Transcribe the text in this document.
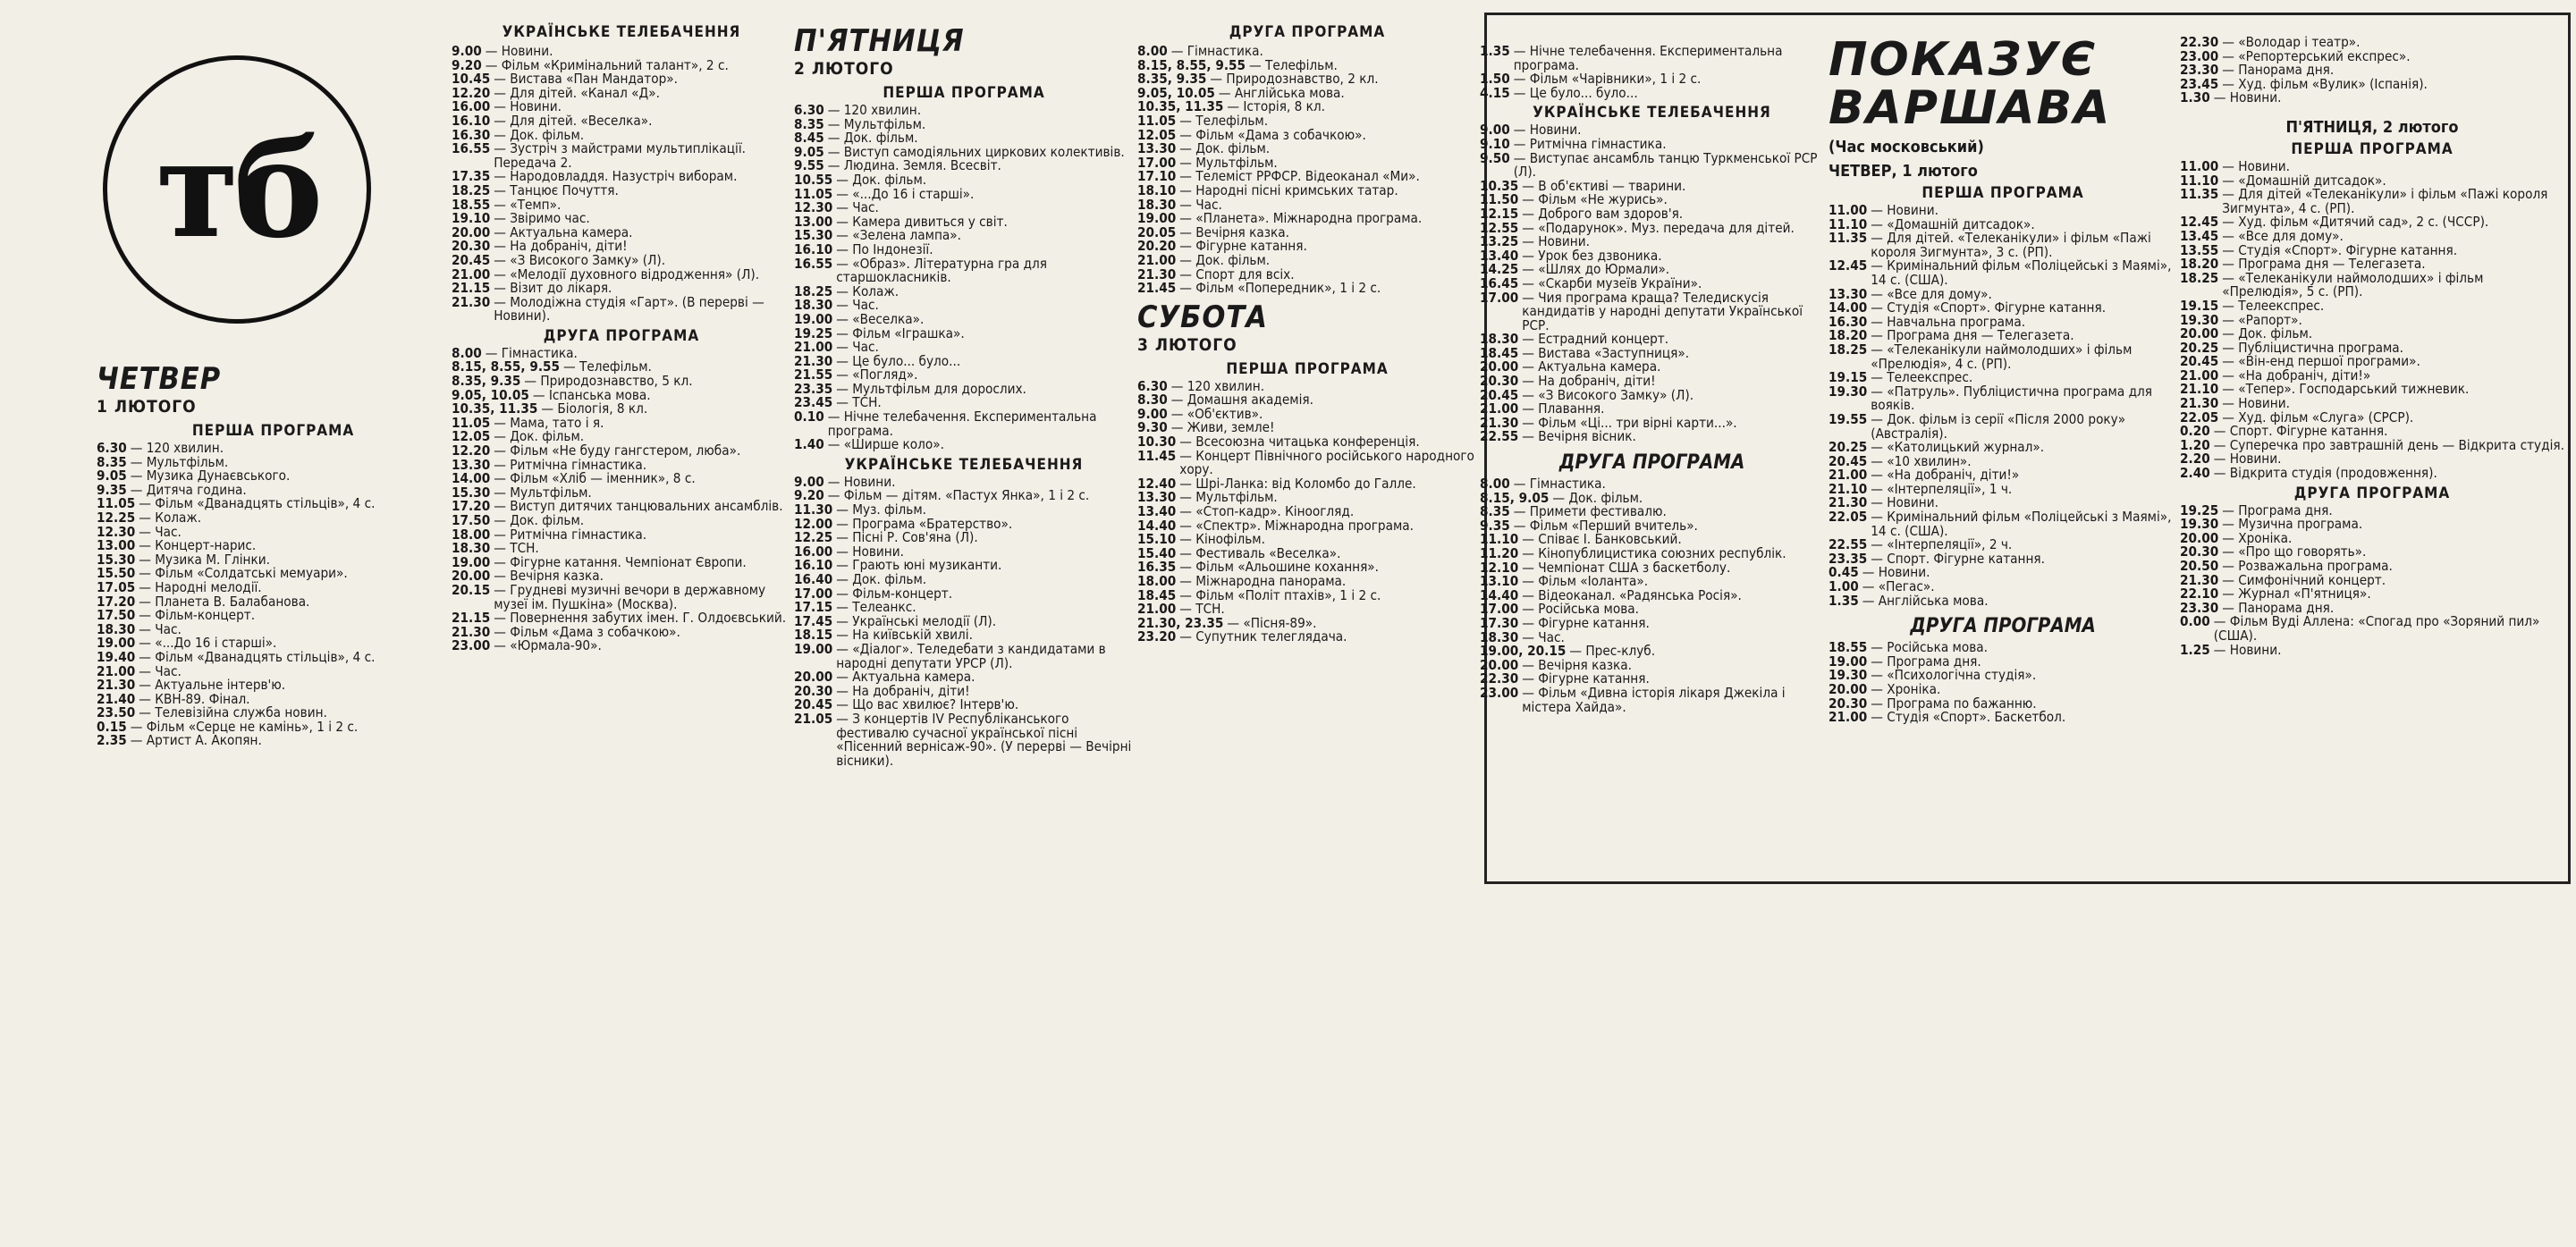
тб
ЧЕТВЕР
1 ЛЮТОГО
ПЕРША ПРОГРАМА
6.30 — 120 хвилин.
8.35 — Мультфільм.
9.05 — Музика Дунаєвського.
9.35 — Дитяча година.
11.05 — Фільм «Дванадцять стільців», 4 с.
12.25 — Колаж.
12.30 — Час.
13.00 — Концерт-нарис.
15.30 — Музика М. Глінки.
15.50 — Фільм «Солдатські мемуари».
17.05 — Народні мелодії.
17.20 — Планета В. Балабанова.
17.50 — Фільм-концерт.
18.30 — Час.
19.00 — «...До 16 і старші».
19.40 — Фільм «Дванадцять стільців», 4 с.
21.00 — Час.
21.30 — Актуальне інтерв'ю.
21.40 — КВН-89. Фінал.
23.50 — Телевізійна служба новин.
0.15 — Фільм «Серце не камінь», 1 і 2 с.
2.35 — Артист А. Акопян.
УКРАЇНСЬКЕ ТЕЛЕБАЧЕННЯ
9.00 — Новини.
9.20 — Фільм «Кримінальний талант», 2 с.
10.45 — Вистава «Пан Мандатор».
12.20 — Для дітей. «Канал «Д».
16.00 — Новини.
16.10 — Для дітей. «Веселка».
16.30 — Док. фільм.
16.55 — Зустріч з майстрами мультиплікації. Передача 2.
17.35 — Народовладдя. Назустріч виборам.
18.25 — Танцює Почуття.
18.55 — «Темп».
19.10 — Звіримо час.
20.00 — Актуальна камера.
20.30 — На добраніч, діти!
20.45 — «З Високого Замку» (Л).
21.00 — «Мелодії духовного відродження» (Л).
21.15 — Візит до лікаря.
21.30 — Молодіжна студія «Гарт». (В перерві — Новини).
ДРУГА ПРОГРАМА
8.00 — Гімнастика.
8.15, 8.55, 9.55 — Телефільм.
8.35, 9.35 — Природознавство, 5 кл.
9.05, 10.05 — Іспанська мова.
10.35, 11.35 — Біологія, 8 кл.
11.05 — Мама, тато і я.
12.05 — Док. фільм.
12.20 — Фільм «Не буду гангстером, люба».
13.30 — Ритмічна гімнастика.
14.00 — Фільм «Хліб — іменник», 8 с.
15.30 — Мультфільм.
17.20 — Виступ дитячих танцювальних ансамблів.
17.50 — Док. фільм.
18.00 — Ритмічна гімнастика.
18.30 — ТСН.
19.00 — Фігурне катання. Чемпіонат Європи.
20.00 — Вечірня казка.
20.15 — Грудневі музичні вечори в державному музеї ім. Пушкіна» (Москва).
21.15 — Повернення забутих імен. Г. Олдоєвський.
21.30 — Фільм «Дама з собачкою».
23.00 — «Юрмала-90».
П'ЯТНИЦЯ
2 ЛЮТОГО
ПЕРША ПРОГРАМА
6.30 — 120 хвилин.
8.35 — Мультфільм.
8.45 — Док. фільм.
9.05 — Виступ самодіяльних циркових колективів.
9.55 — Людина. Земля. Всесвіт.
10.55 — Док. фільм.
11.05 — «...До 16 і старші».
12.30 — Час.
13.00 — Камера дивиться у світ.
15.30 — «Зелена лампа».
16.10 — По Індонезії.
16.55 — «Образ». Літературна гра для старшокласників.
18.25 — Колаж.
18.30 — Час.
19.00 — «Веселка».
19.25 — Фільм «Іграшка».
21.00 — Час.
21.30 — Це було... було...
21.55 — «Погляд».
23.35 — Мультфільм для дорослих.
23.45 — ТСН.
0.10 — Нічне телебачення. Експериментальна програма.
1.40 — «Ширше коло».
УКРАЇНСЬКЕ ТЕЛЕБАЧЕННЯ
9.00 — Новини.
9.20 — Фільм — дітям. «Пастух Янка», 1 і 2 с.
11.30 — Муз. фільм.
12.00 — Програма «Братерство».
12.25 — Пісні Р. Сов'яна (Л).
16.00 — Новини.
16.10 — Грають юні музиканти.
16.40 — Док. фільм.
17.00 — Фільм-концерт.
17.15 — Телеанкс.
17.45 — Українські мелодії (Л).
18.15 — На київській хвилі.
19.00 — «Діалог». Теледебати з кандидатами в народні депутати УРСР (Л).
20.00 — Актуальна камера.
20.30 — На добраніч, діти!
20.45 — Що вас хвилює? Інтерв'ю.
21.05 — З концертів IV Республіканського фестивалю сучасної української пісні «Пісенний вернісаж-90». (У перерві — Вечірні вісники).
ДРУГА ПРОГРАМА
8.00 — Гімнастика.
8.15, 8.55, 9.55 — Телефільм.
8.35, 9.35 — Природознавство, 2 кл.
9.05, 10.05 — Англійська мова.
10.35, 11.35 — Історія, 8 кл.
11.05 — Телефільм.
12.05 — Фільм «Дама з собачкою».
13.30 — Док. фільм.
17.00 — Мультфільм.
17.10 — Телеміст РРФСР. Відеоканал «Ми».
18.10 — Народні пісні кримських татар.
18.30 — Час.
19.00 — «Планета». Міжнародна програма.
20.05 — Вечірня казка.
20.20 — Фігурне катання.
21.00 — Док. фільм.
21.30 — Спорт для всіх.
21.45 — Фільм «Попередник», 1 і 2 с.
СУБОТА
3 ЛЮТОГО
ПЕРША ПРОГРАМА
6.30 — 120 хвилин.
8.30 — Домашня академія.
9.00 — «Об'єктив».
9.30 — Живи, земле!
10.30 — Всесоюзна читацька конференція.
11.45 — Концерт Північного російського народного хору.
12.40 — Шрі-Ланка: від Коломбо до Галле.
13.30 — Мультфільм.
13.40 — «Стоп-кадр». Кіноогляд.
14.40 — «Спектр». Міжнародна програма.
15.10 — Кінофільм.
15.40 — Фестиваль «Веселка».
16.35 — Фільм «Альошине кохання».
18.00 — Міжнародна панорама.
18.45 — Фільм «Політ птахів», 1 і 2 с.
21.00 — ТСН.
21.30, 23.35 — «Пісня-89».
23.20 — Супутник телеглядача.
1.35 — Нічне телебачення. Експериментальна програма.
1.50 — Фільм «Чарівники», 1 і 2 с.
4.15 — Це було... було...
УКРАЇНСЬКЕ ТЕЛЕБАЧЕННЯ
9.00 — Новини.
9.10 — Ритмічна гімнастика.
9.50 — Виступає ансамбль танцю Туркменської РСР (Л).
10.35 — В об'єктиві — тварини.
11.50 — Фільм «Не журись».
12.15 — Доброго вам здоров'я.
12.55 — «Подарунок». Муз. передача для дітей.
13.25 — Новини.
13.40 — Урок без дзвоника.
14.25 — «Шлях до Юрмали».
16.45 — «Скарби музеїв України».
17.00 — Чия програма краща? Теледискусія кандидатів у народні депутати Української РСР.
18.30 — Естрадний концерт.
18.45 — Вистава «Заступниця».
20.00 — Актуальна камера.
20.30 — На добраніч, діти!
20.45 — «З Високого Замку» (Л).
21.00 — Плавання.
21.30 — Фільм «Ці... три вірні карти...».
22.55 — Вечірня вісник.
ДРУГА ПРОГРАМА
8.00 — Гімнастика.
8.15, 9.05 — Док. фільм.
8.35 — Примети фестивалю.
9.35 — Фільм «Перший вчитель».
11.10 — Співає І. Банковський.
11.20 — Кінопублицистика союзних республік.
12.10 — Чемпіонат США з баскетболу.
13.10 — Фільм «Іоланта».
14.40 — Відеоканал. «Радянська Росія».
17.00 — Російська мова.
17.30 — Фігурне катання.
18.30 — Час.
19.00, 20.15 — Прес-клуб.
20.00 — Вечірня казка.
22.30 — Фігурне катання.
23.00 — Фільм «Дивна історія лікаря Джекіла і містера Хайда».
ПОКАЗУЄ
ВАРШАВА
(Час московський)
ЧЕТВЕР, 1 лютого
ПЕРША ПРОГРАМА
11.00 — Новини.
11.10 — «Домашній дитсадок».
11.35 — Для дітей. «Телеканікули» і фільм «Пажі короля Зигмунта», 3 с. (РП).
12.45 — Кримінальний фільм «Поліцейські з Маямі», 14 с. (США).
13.30 — «Все для дому».
14.00 — Студія «Спорт». Фігурне катання.
16.30 — Навчальна програма.
18.20 — Програма дня — Телегазета.
18.25 — «Телеканікули наймолодших» і фільм «Прелюдія», 4 с. (РП).
19.15 — Телеекспрес.
19.30 — «Патруль». Публіцистична програма для вояків.
19.55 — Док. фільм із серії «Після 2000 року» (Австралія).
20.25 — «Католицький журнал».
20.45 — «10 хвилин».
21.00 — «На добраніч, діти!»
21.10 — «Інтерпеляції», 1 ч.
21.30 — Новини.
22.05 — Кримінальний фільм «Поліцейські з Маямі», 14 с. (США).
22.55 — «Інтерпеляції», 2 ч.
23.35 — Спорт. Фігурне катання.
0.45 — Новини.
1.00 — «Пегас».
1.35 — Англійська мова.
ДРУГА ПРОГРАМА
18.55 — Російська мова.
19.00 — Програма дня.
19.30 — «Психологічна студія».
20.00 — Хроніка.
20.30 — Програма по бажанню.
21.00 — Студія «Спорт». Баскетбол.
22.30 — «Володар і театр».
23.00 — «Репортерський експрес».
23.30 — Панорама дня.
23.45 — Худ. фільм «Вулик» (Іспанія).
1.30 — Новини.
П'ЯТНИЦЯ, 2 лютого
ПЕРША ПРОГРАМА
11.00 — Новини.
11.10 — «Домашній дитсадок».
11.35 — Для дітей «Телеканікули» і фільм «Пажі короля Зигмунта», 4 с. (РП).
12.45 — Худ. фільм «Дитячий сад», 2 с. (ЧССР).
13.45 — «Все для дому».
13.55 — Студія «Спорт». Фігурне катання.
18.20 — Програма дня — Телегазета.
18.25 — «Телеканікули наймолодших» і фільм «Прелюдія», 5 с. (РП).
19.15 — Телеекспрес.
19.30 — «Рапорт».
20.00 — Док. фільм.
20.25 — Публіцистична програма.
20.45 — «Він-енд першої програми».
21.00 — «На добраніч, діти!»
21.10 — «Тепер». Господарський тижневик.
21.30 — Новини.
22.05 — Худ. фільм «Слуга» (СРСР).
0.20 — Спорт. Фігурне катання.
1.20 — Суперечка про завтрашній день — Відкрита студія.
2.20 — Новини.
2.40 — Відкрита студія (продовження).
ДРУГА ПРОГРАМА
19.25 — Програма дня.
19.30 — Музична програма.
20.00 — Хроніка.
20.30 — «Про що говорять».
20.50 — Розважальна програма.
21.30 — Симфонічний концерт.
22.10 — Журнал «П'ятниця».
23.30 — Панорама дня.
0.00 — Фільм Вуді Аллена: «Спогад про «Зоряний пил» (США).
1.25 — Новини.
